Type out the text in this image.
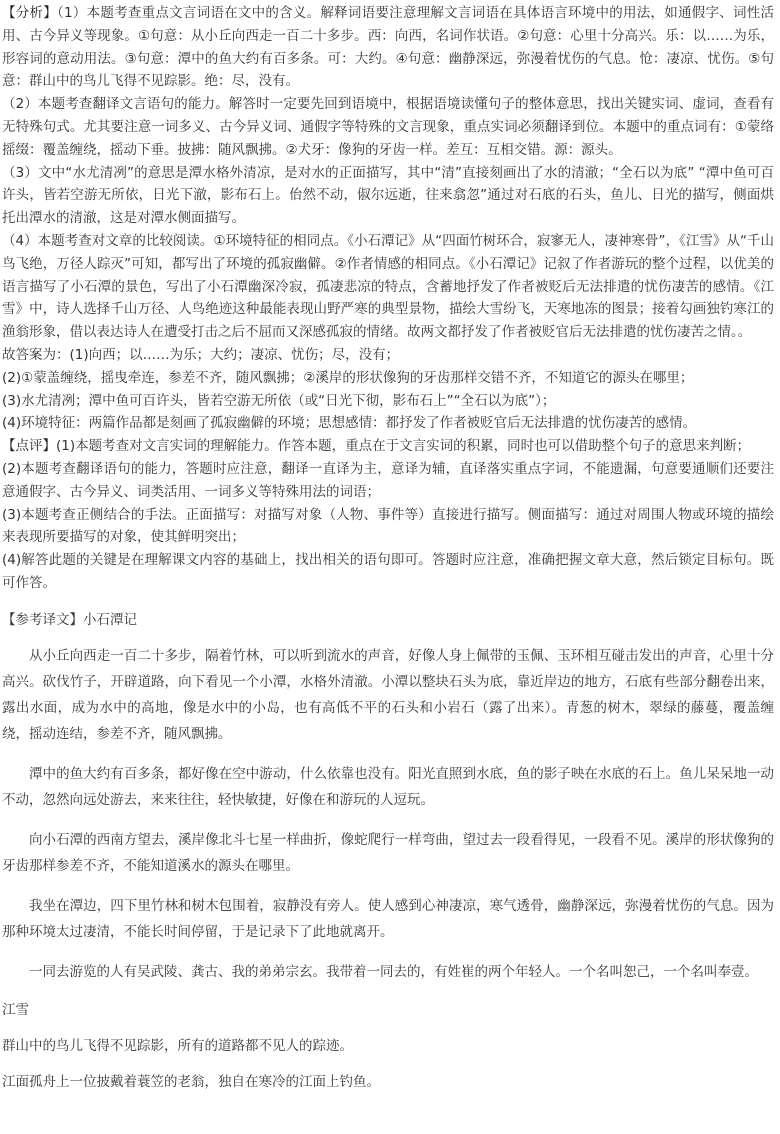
【分析】（1）本题考查重点文言词语在文中的含义。解释词语要注意理解文言词语在具体语言环境中的用法，如通假字、词性活用、古今异义等现象。①句意：从小丘向西走一百二十多步。西：向西，名词作状语。②句意：心里十分高兴。乐：以……为乐，形容词的意动用法。③句意：潭中的鱼大约有百多条。可：大约。④句意：幽静深远，弥漫着忧伤的气息。怆：凄凉、忧伤。⑤句意：群山中的鸟儿飞得不见踪影。绝：尽，没有。

（2）本题考查翻译文言语句的能力。解答时一定要先回到语境中，根据语境读懂句子的整体意思，找出关键实词、虚词，查看有无特殊句式。尤其要注意一词多义、古今异义词、通假字等特殊的文言现象，重点实词必须翻译到位。本题中的重点词有：①蒙络摇缀：覆盖缠绕，摇动下垂。披拂：随风飘拂。②犬牙：像狗的牙齿一样。差互：互相交错。源：源头。

（3）文中“水尤清冽”的意思是潭水格外清凉，是对水的正面描写，其中“清”直接刻画出了水的清澈；“全石以为底” “潭中鱼可百许头，皆若空游无所依，日光下澈，影布石上。佁然不动，俶尔远逝，往来翕忽”通过对石底的石头，鱼儿、日光的描写，侧面烘托出潭水的清澈，这是对潭水侧面描写。

（4）本题考查对文章的比较阅读。①环境特征的相同点。《小石潭记》从“四面竹树环合，寂寥无人，凄神寒骨”，《江雪》从“千山鸟飞绝，万径人踪灭”可知，都写出了环境的孤寂幽僻。②作者情感的相同点。《小石潭记》记叙了作者游玩的整个过程，以优美的语言描写了小石潭的景色，写出了小石潭幽深冷寂，孤凄悲凉的特点，含蓄地抒发了作者被贬后无法排遣的忧伤凄苦的感情。《江雪》中，诗人选择千山万径、人鸟绝迹这种最能表现山野严寒的典型景物，描绘大雪纷飞，天寒地冻的图景；接着勾画独钓寒江的渔翁形象，借以表达诗人在遭受打击之后不屈而又深感孤寂的情绪。故两文都抒发了作者被贬官后无法排遣的忧伤凄苦之情。。

故答案为：(1)向西；以……为乐；大约；凄凉、忧伤；尽，没有；

(2)①蒙盖缠绕，摇曳牵连，参差不齐，随风飘拂；②溪岸的形状像狗的牙齿那样交错不齐，不知道它的源头在哪里；

(3)水尤清冽；潭中鱼可百许头，皆若空游无所依（或“日光下彻，影布石上”“全石以为底”）；

(4)环境特征：两篇作品都是刻画了孤寂幽僻的环境；思想感情：都抒发了作者被贬官后无法排遣的忧伤凄苦的感情。

【点评】(1)本题考查对文言实词的理解能力。作答本题，重点在于文言实词的积累，同时也可以借助整个句子的意思来判断；

(2)本题考查翻译语句的能力，答题时应注意，翻译一直译为主，意译为辅，直译落实重点字词，不能遗漏，句意要通顺们还要注意通假字、古今异义、词类活用、一词多义等特殊用法的词语；

(3)本题考查正侧结合的手法。正面描写：对描写对象（人物、事件等）直接进行描写。侧面描写：通过对周围人物或环境的描绘来表现所要描写的对象，使其鲜明突出；

(4)解答此题的关键是在理解课文内容的基础上，找出相关的语句即可。答题时应注意，准确把握文章大意，然后锁定目标句。既可作答。

【参考译文】小石潭记

从小丘向西走一百二十多步，隔着竹林，可以听到流水的声音，好像人身上佩带的玉佩、玉环相互碰击发出的声音，心里十分高兴。砍伐竹子，开辟道路，向下看见一个小潭，水格外清澈。小潭以整块石头为底，靠近岸边的地方，石底有些部分翻卷出来，露出水面，成为水中的高地，像是水中的小岛，也有高低不平的石头和小岩石（露了出来）。青葱的树木，翠绿的藤蔓，覆盖缠绕，摇动连结，参差不齐，随风飘拂。

潭中的鱼大约有百多条，都好像在空中游动，什么依靠也没有。阳光直照到水底，鱼的影子映在水底的石上。鱼儿呆呆地一动不动，忽然向远处游去，来来往往，轻快敏捷，好像在和游玩的人逗玩。

向小石潭的西南方望去，溪岸像北斗七星一样曲折，像蛇爬行一样弯曲，望过去一段看得见，一段看不见。溪岸的形状像狗的牙齿那样参差不齐，不能知道溪水的源头在哪里。

我坐在潭边，四下里竹林和树木包围着，寂静没有旁人。使人感到心神凄凉，寒气透骨，幽静深远，弥漫着忧伤的气息。因为那种环境太过凄清，不能长时间停留，于是记录下了此地就离开。

一同去游览的人有吴武陵、龚古、我的弟弟宗玄。我带着一同去的，有姓崔的两个年轻人。一个名叫恕己，一个名叫奉壹。

江雪

群山中的鸟儿飞得不见踪影，所有的道路都不见人的踪迹。

江面孤舟上一位披戴着蓑笠的老翁，独自在寒冷的江面上钓鱼。
